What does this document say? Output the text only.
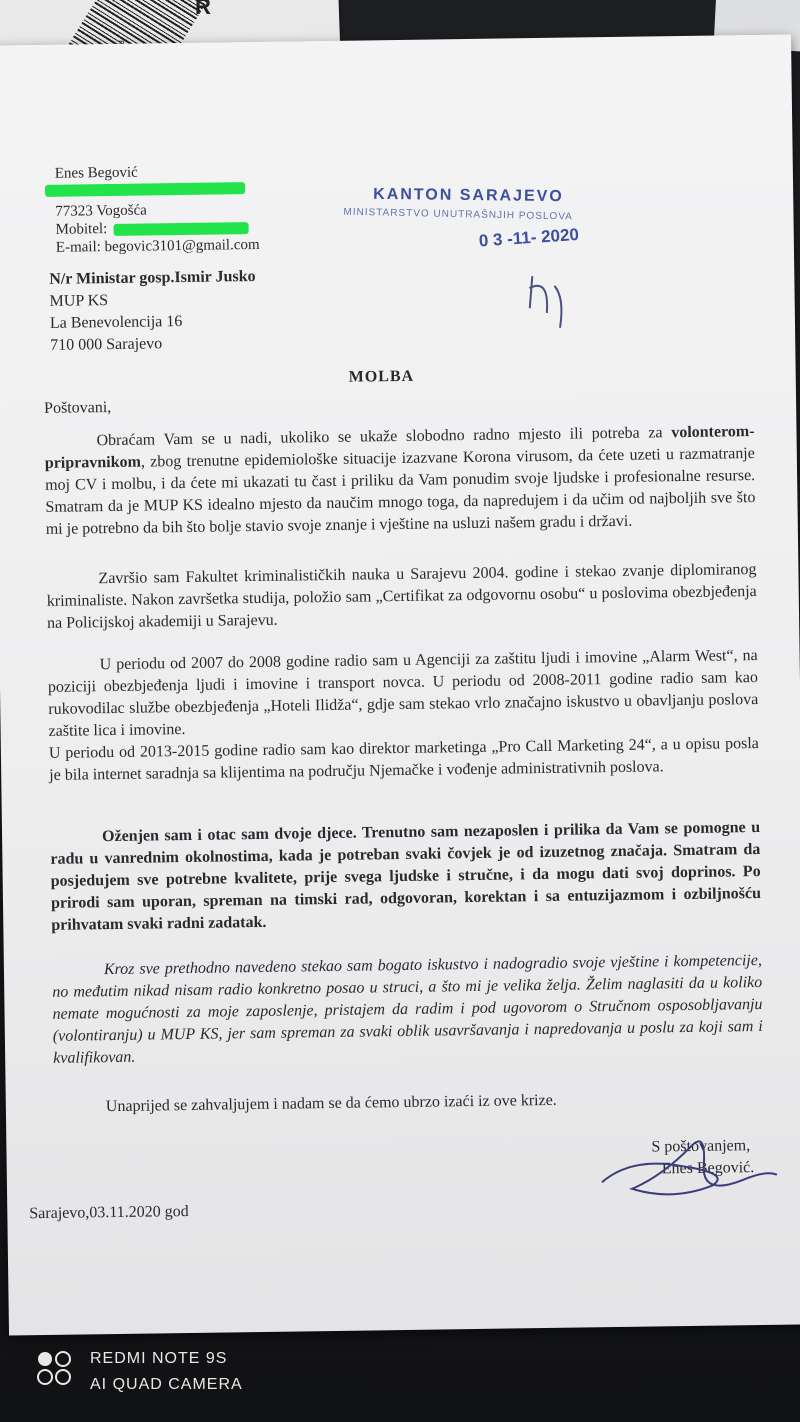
R
Enes Begović
77323 Vogošća
Mobitel:
E-mail: begovic3101@gmail.com
KANTON SARAJEVO
MINISTARSTVO UNUTRAŠNJIH POSLOVA
0 3 -11- 2020
N/r Ministar gosp.Ismir Jusko
MUP KS
La Benevolencija 16
710 000 Sarajevo
MOLBA
Poštovani,
Obraćam Vam se u nadi, ukoliko se ukaže slobodno radno mjesto ili potreba za volonterom-pripravnikom, zbog trenutne epidemiološke situacije izazvane Korona virusom, da ćete uzeti u razmatranje moj CV i molbu, i da ćete mi ukazati tu čast i priliku da Vam ponudim svoje ljudske i profesionalne resurse. Smatram da je MUP KS idealno mjesto da naučim mnogo toga, da napredujem i da učim od najboljih sve što mi je potrebno da bih što bolje stavio svoje znanje i vještine na usluzi našem gradu i državi.
Završio sam Fakultet kriminalističkih nauka u Sarajevu 2004. godine i stekao zvanje diplomiranog kriminaliste. Nakon završetka studija, položio sam „Certifikat za odgovornu osobu“ u poslovima obezbjeđenja na Policijskoj akademiji u Sarajevu.
U periodu od 2007 do 2008 godine radio sam u Agenciji za zaštitu ljudi i imovine „Alarm West“, na poziciji obezbjeđenja ljudi i imovine i transport novca. U periodu od 2008-2011 godine radio sam kao rukovodilac službe obezbjeđenja „Hoteli Ilidža“, gdje sam stekao vrlo značajno iskustvo u obavljanju poslova zaštite lica i imovine.
U periodu od 2013-2015 godine radio sam kao direktor marketinga „Pro Call Marketing 24“, a u opisu posla je bila internet saradnja sa klijentima na području Njemačke i vođenje administrativnih poslova.
Oženjen sam i otac sam dvoje djece. Trenutno sam nezaposlen i prilika da Vam se pomogne u radu u vanrednim okolnostima, kada je potreban svaki čovjek je od izuzetnog značaja. Smatram da posjedujem sve potrebne kvalitete, prije svega ljudske i stručne, i da mogu dati svoj doprinos. Po prirodi sam uporan, spreman na timski rad, odgovoran, korektan i sa entuzijazmom i ozbiljnošću prihvatam svaki radni zadatak.
Kroz sve prethodno navedeno stekao sam bogato iskustvo i nadogradio svoje vještine i kompetencije, no međutim nikad nisam radio konkretno posao u struci, a što mi je velika želja. Želim naglasiti da u koliko nemate mogućnosti za moje zaposlenje, pristajem da radim i pod ugovorom o Stručnom osposobljavanju (volontiranju) u MUP KS, jer sam spreman za svaki oblik usavršavanja i napredovanja u poslu za koji sam i kvalifikovan.
Unaprijed se zahvaljujem i nadam se da ćemo ubrzo izaći iz ove krize.
S poštovanjem,
Enes Begović.
Sarajevo,03.11.2020 god
REDMI NOTE 9S
AI QUAD CAMERA
